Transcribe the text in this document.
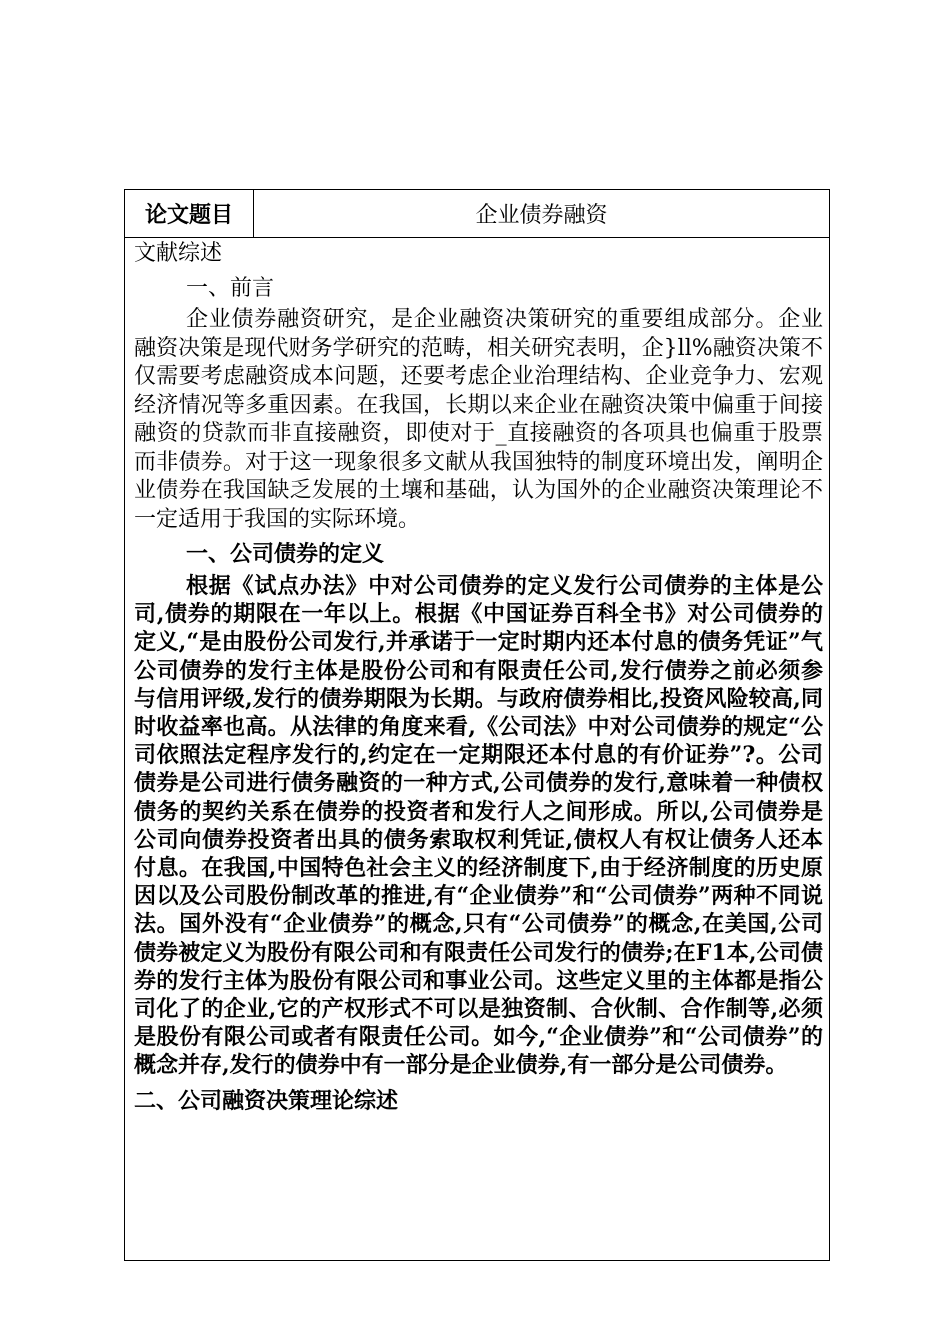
论文题目	企业债券融资

文献综述

一、前言

企业债券融资研究，是企业融资决策研究的重要组成部分。企业融资决策是现代财务学研究的范畴，相关研究表明，企}ll%融资决策不仅需要考虑融资成本问题，还要考虑企业治理结构、企业竞争力、宏观经济情况等多重因素。在我国，长期以来企业在融资决策中偏重于间接融资的贷款而非直接融资，即使对于_直接融资的各项具也偏重于股票而非债券。对于这一现象很多文献从我国独特的制度环境出发，阐明企业债券在我国缺乏发展的土壤和基础，认为国外的企业融资决策理论不一定适用于我国的实际环境。

一、公司债券的定义

根据《试点办法》中对公司债券的定义发行公司债券的主体是公司,债券的期限在一年以上。根据《中国证券百科全书》对公司债券的定义,“是由股份公司发行,并承诺于一定时期内还本付息的债务凭证”气公司债券的发行主体是股份公司和有限责任公司,发行债券之前必须参与信用评级,发行的债券期限为长期。与政府债券相比,投资风险较高,同时收益率也高。从法律的角度来看,《公司法》中对公司债券的规定“公司依照法定程序发行的,约定在一定期限还本付息的有价证券”?。公司债券是公司进行债务融资的一种方式,公司债券的发行,意味着一种债权债务的契约关系在债券的投资者和发行人之间形成。所以,公司债券是公司向债券投资者出具的债务索取权利凭证,债权人有权让债务人还本付息。在我国,中国特色社会主义的经济制度下,由于经济制度的历史原因以及公司股份制改革的推进,有“企业债券”和“公司债券”两种不同说法。国外没有“企业债券”的概念,只有“公司债券”的概念,在美国,公司债券被定义为股份有限公司和有限责任公司发行的债券;在F1本,公司债券的发行主体为股份有限公司和事业公司。这些定义里的主体都是指公司化了的企业,它的产权形式不可以是独资制、合伙制、合作制等,必须是股份有限公司或者有限责任公司。如今,“企业债券”和“公司债券”的概念并存,发行的债券中有一部分是企业债券,有一部分是公司债券。

二、公司融资决策理论综述
